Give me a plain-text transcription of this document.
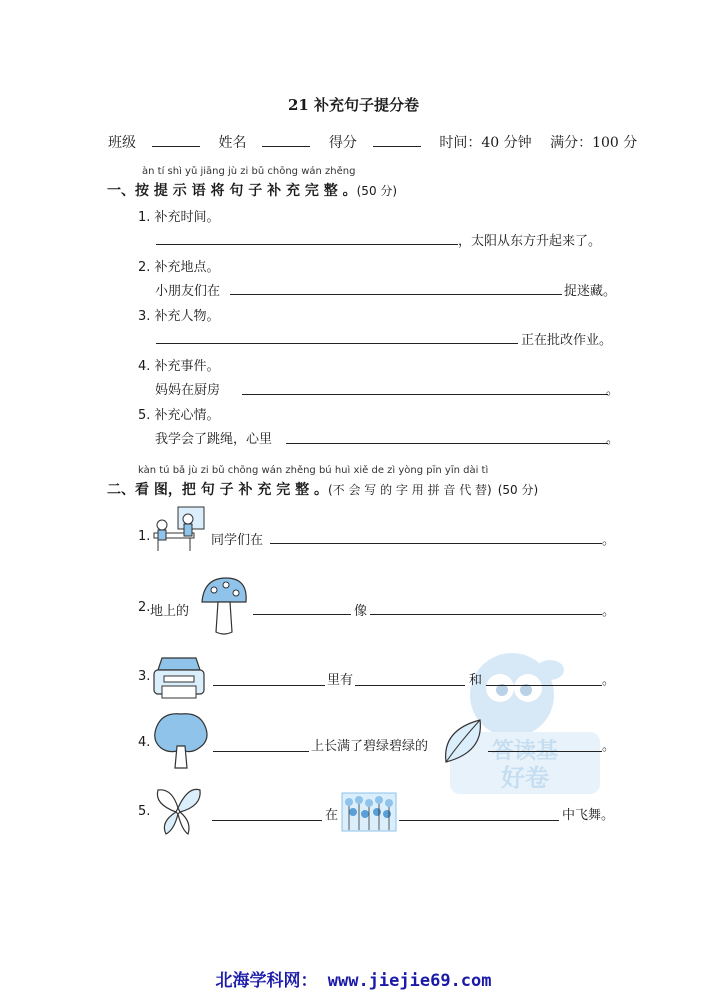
21 补充句子提分卷
班级	姓名	得分	时间：40 分钟 满分：100 分
àn tí shì yǔ jiāng jù zi bǔ chōng wán zhěng
一、按 提 示 语 将 句 子 补 充 完 整 。(50 分)
1. 补充时间。
，太阳从东方升起来了。
2. 补充地点。
小朋友们在	捉迷藏。
3. 补充人物。
正在批改作业。
4. 补充事件。
妈妈在厨房	。
5. 补充心情。
我学会了跳绳，心里	。
kàn tú bǎ jù zi bǔ chōng wán zhěng bú huì xiě de zì yòng pīn yīn dài tì
二、看 图，把 句 子 补 充 完 整 。(不 会 写 的 字 用 拼 音 代 替) (50 分)
答读基
好卷
1.	同学们在	。
2. 地上的	像	。
3.	里有	和	。
4.	上长满了碧绿碧绿的	。
5.	在	中飞舞。
北海学科网： www.jiejie69.com
